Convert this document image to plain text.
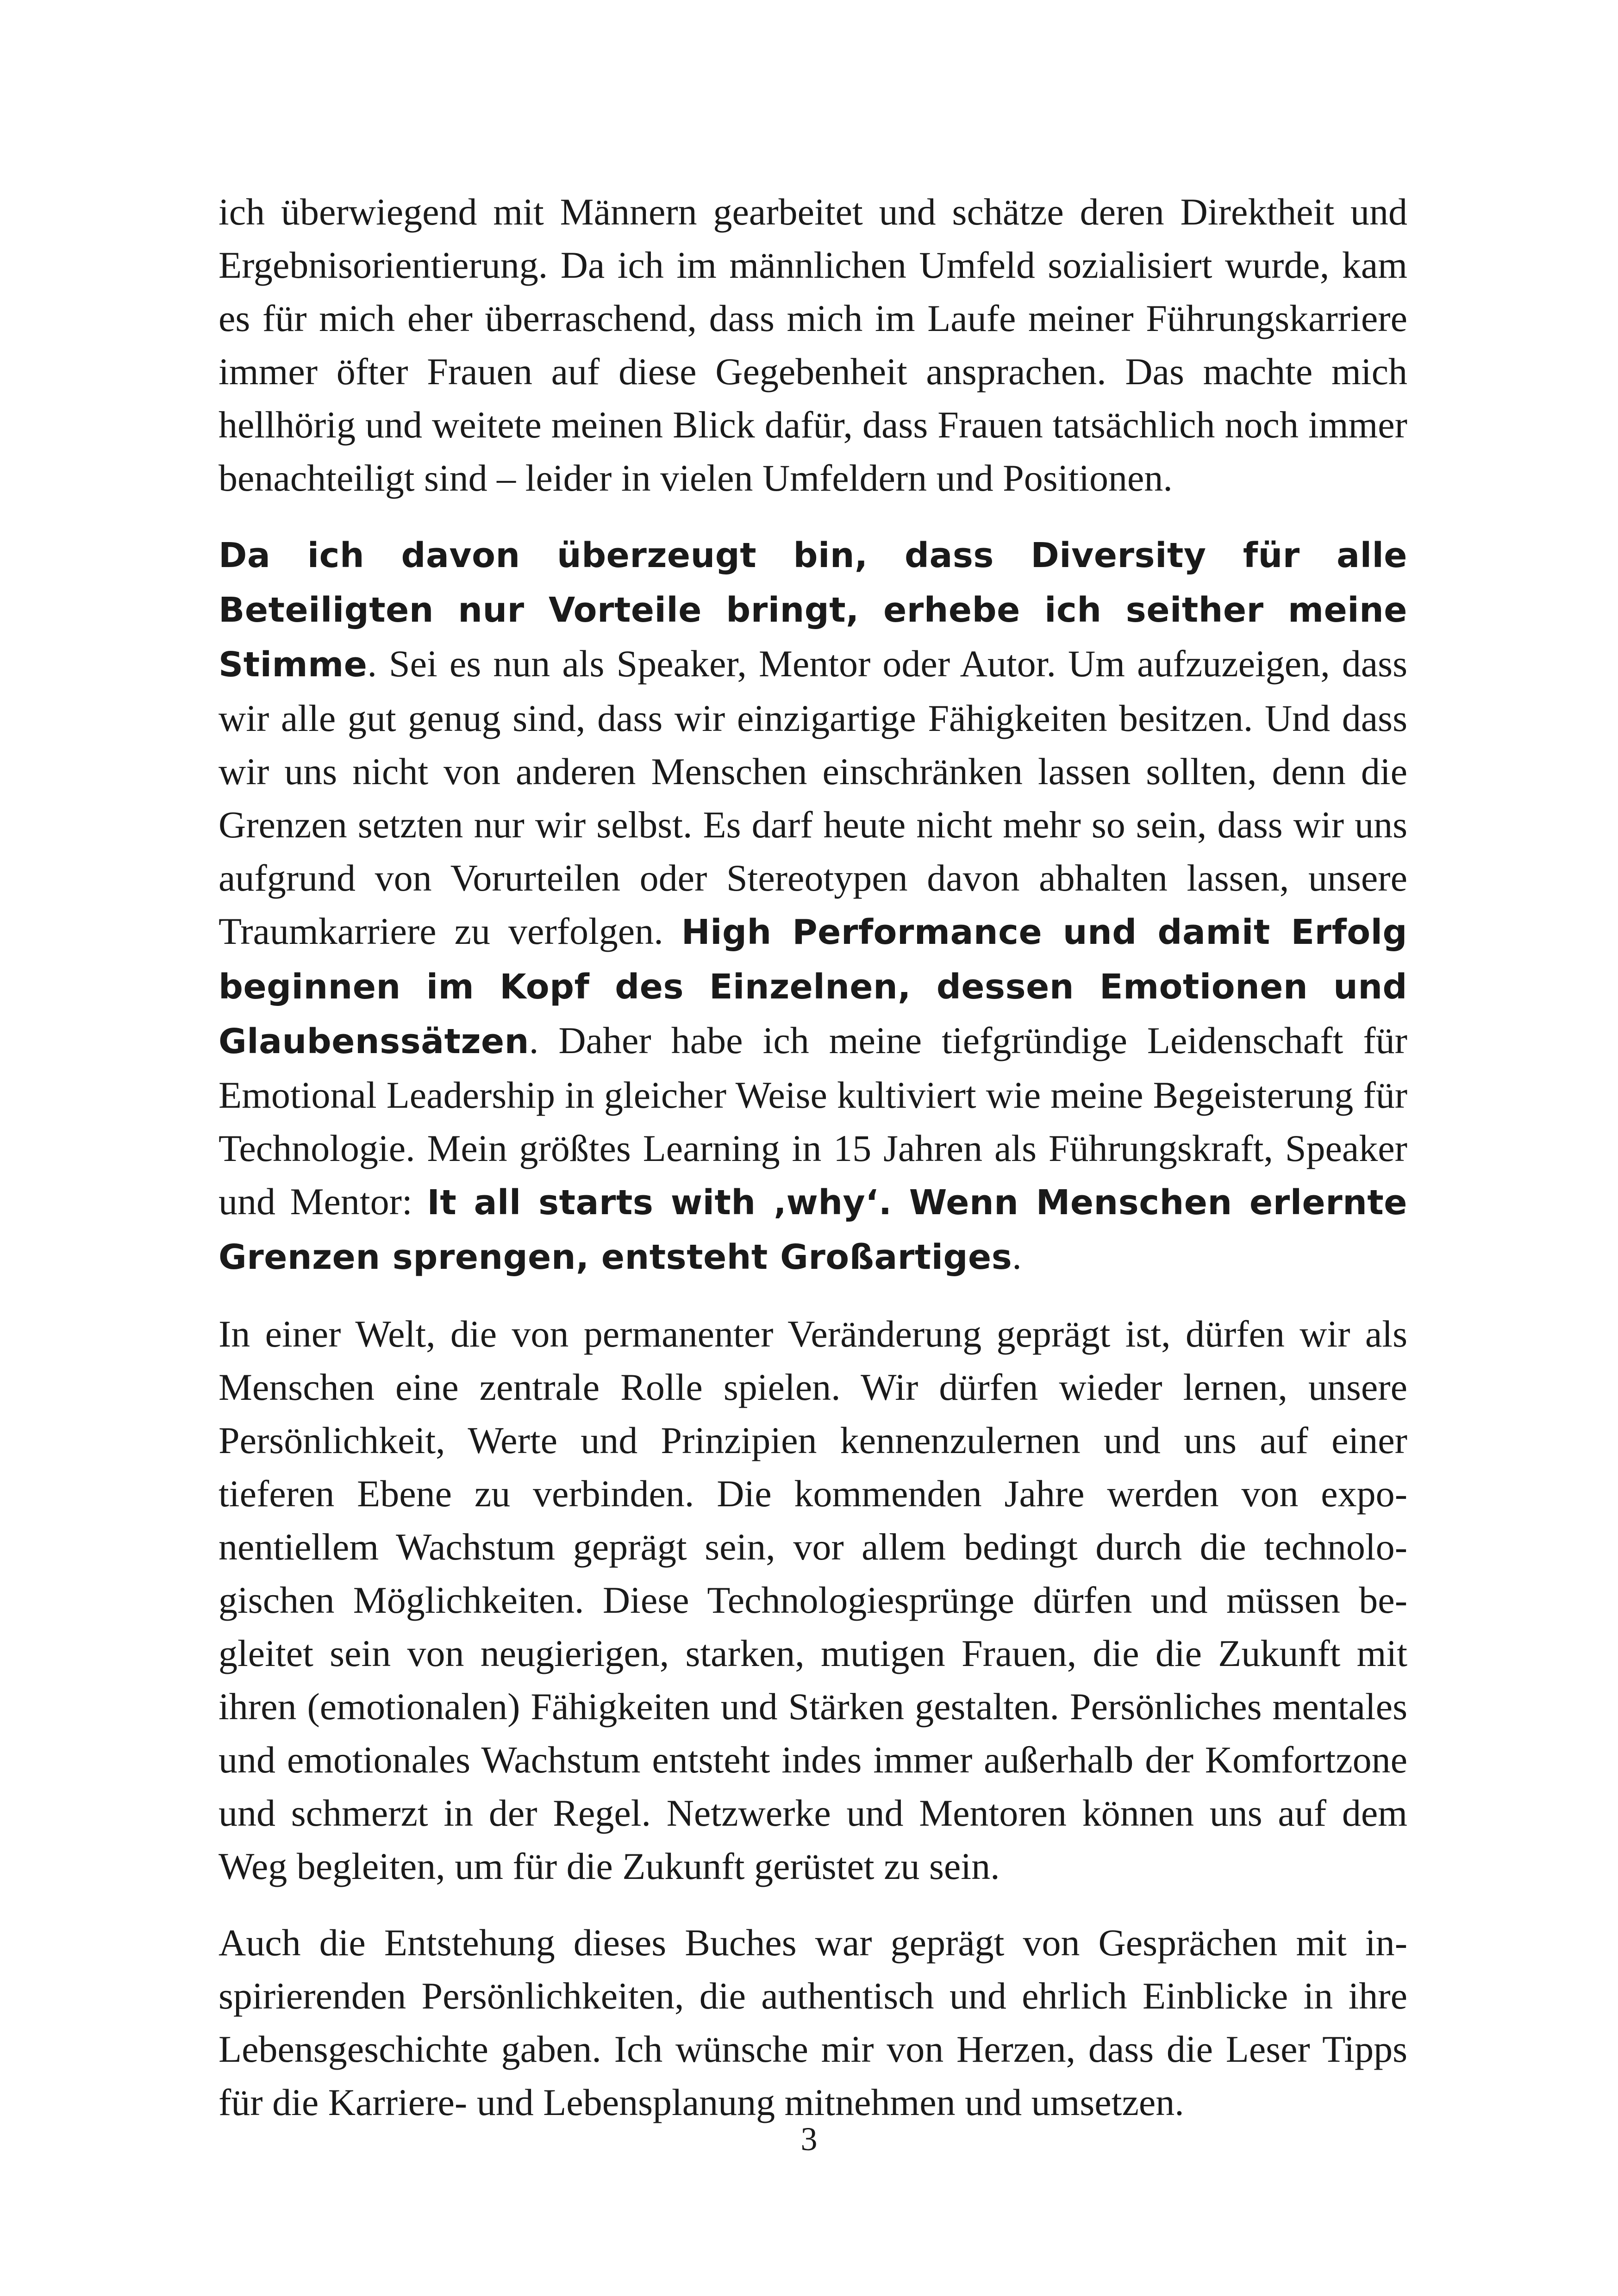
ich überwiegend mit Männern gearbeitet und schätze deren Direktheit und Ergebnisorientierung. Da ich im männlichen Umfeld sozialisiert wurde, kam es für mich eher überraschend, dass mich im Laufe meiner Führungskarriere immer öfter Frauen auf diese Gegebenheit ansprachen. Das machte mich hellhörig und weitete meinen Blick dafür, dass Frauen tatsächlich noch immer benachteiligt sind – leider in vielen Umfeldern und Positionen.

Da ich davon überzeugt bin, dass Diversity für alle Beteiligten nur Vorteile bringt, erhebe ich seither meine Stimme. Sei es nun als Speaker, Mentor oder Autor. Um aufzuzeigen, dass wir alle gut genug sind, dass wir einzigartige Fähigkeiten besitzen. Und dass wir uns nicht von anderen Menschen einschränken lassen sollten, denn die Grenzen setzten nur wir selbst. Es darf heute nicht mehr so sein, dass wir uns aufgrund von Vorurteilen oder Stereotypen davon abhalten lassen, unsere Traumkarriere zu verfolgen. High Performance und damit Erfolg beginnen im Kopf des Einzelnen, dessen Emotionen und Glaubenssätzen. Daher habe ich meine tiefgründige Leidenschaft für Emotional Leadership in gleicher Weise kultiviert wie meine Begeisterung für Technologie. Mein größtes Learning in 15 Jahren als Führungskraft, Speaker und Mentor: It all starts with ‚why‘. Wenn Menschen erlernte Grenzen sprengen, entsteht Großartiges.

In einer Welt, die von permanenter Veränderung geprägt ist, dürfen wir als Menschen eine zentrale Rolle spielen. Wir dürfen wieder lernen, unsere Persönlichkeit, Werte und Prinzipien kennenzulernen und uns auf einer tieferen Ebene zu verbinden. Die kommenden Jahre werden von exponentiellem Wachstum geprägt sein, vor allem bedingt durch die technologischen Möglichkeiten. Diese Technologiesprünge dürfen und müssen begleitet sein von neugierigen, starken, mutigen Frauen, die die Zukunft mit ihren (emotionalen) Fähigkeiten und Stärken gestalten. Persönliches mentales und emotionales Wachstum entsteht indes immer außerhalb der Komfortzone und schmerzt in der Regel. Netzwerke und Mentoren können uns auf dem Weg begleiten, um für die Zukunft gerüstet zu sein.

Auch die Entstehung dieses Buches war geprägt von Gesprächen mit inspirierenden Persönlichkeiten, die authentisch und ehrlich Einblicke in ihre Lebensgeschichte gaben. Ich wünsche mir von Herzen, dass die Leser Tipps für die Karriere- und Lebensplanung mitnehmen und umsetzen.

3
